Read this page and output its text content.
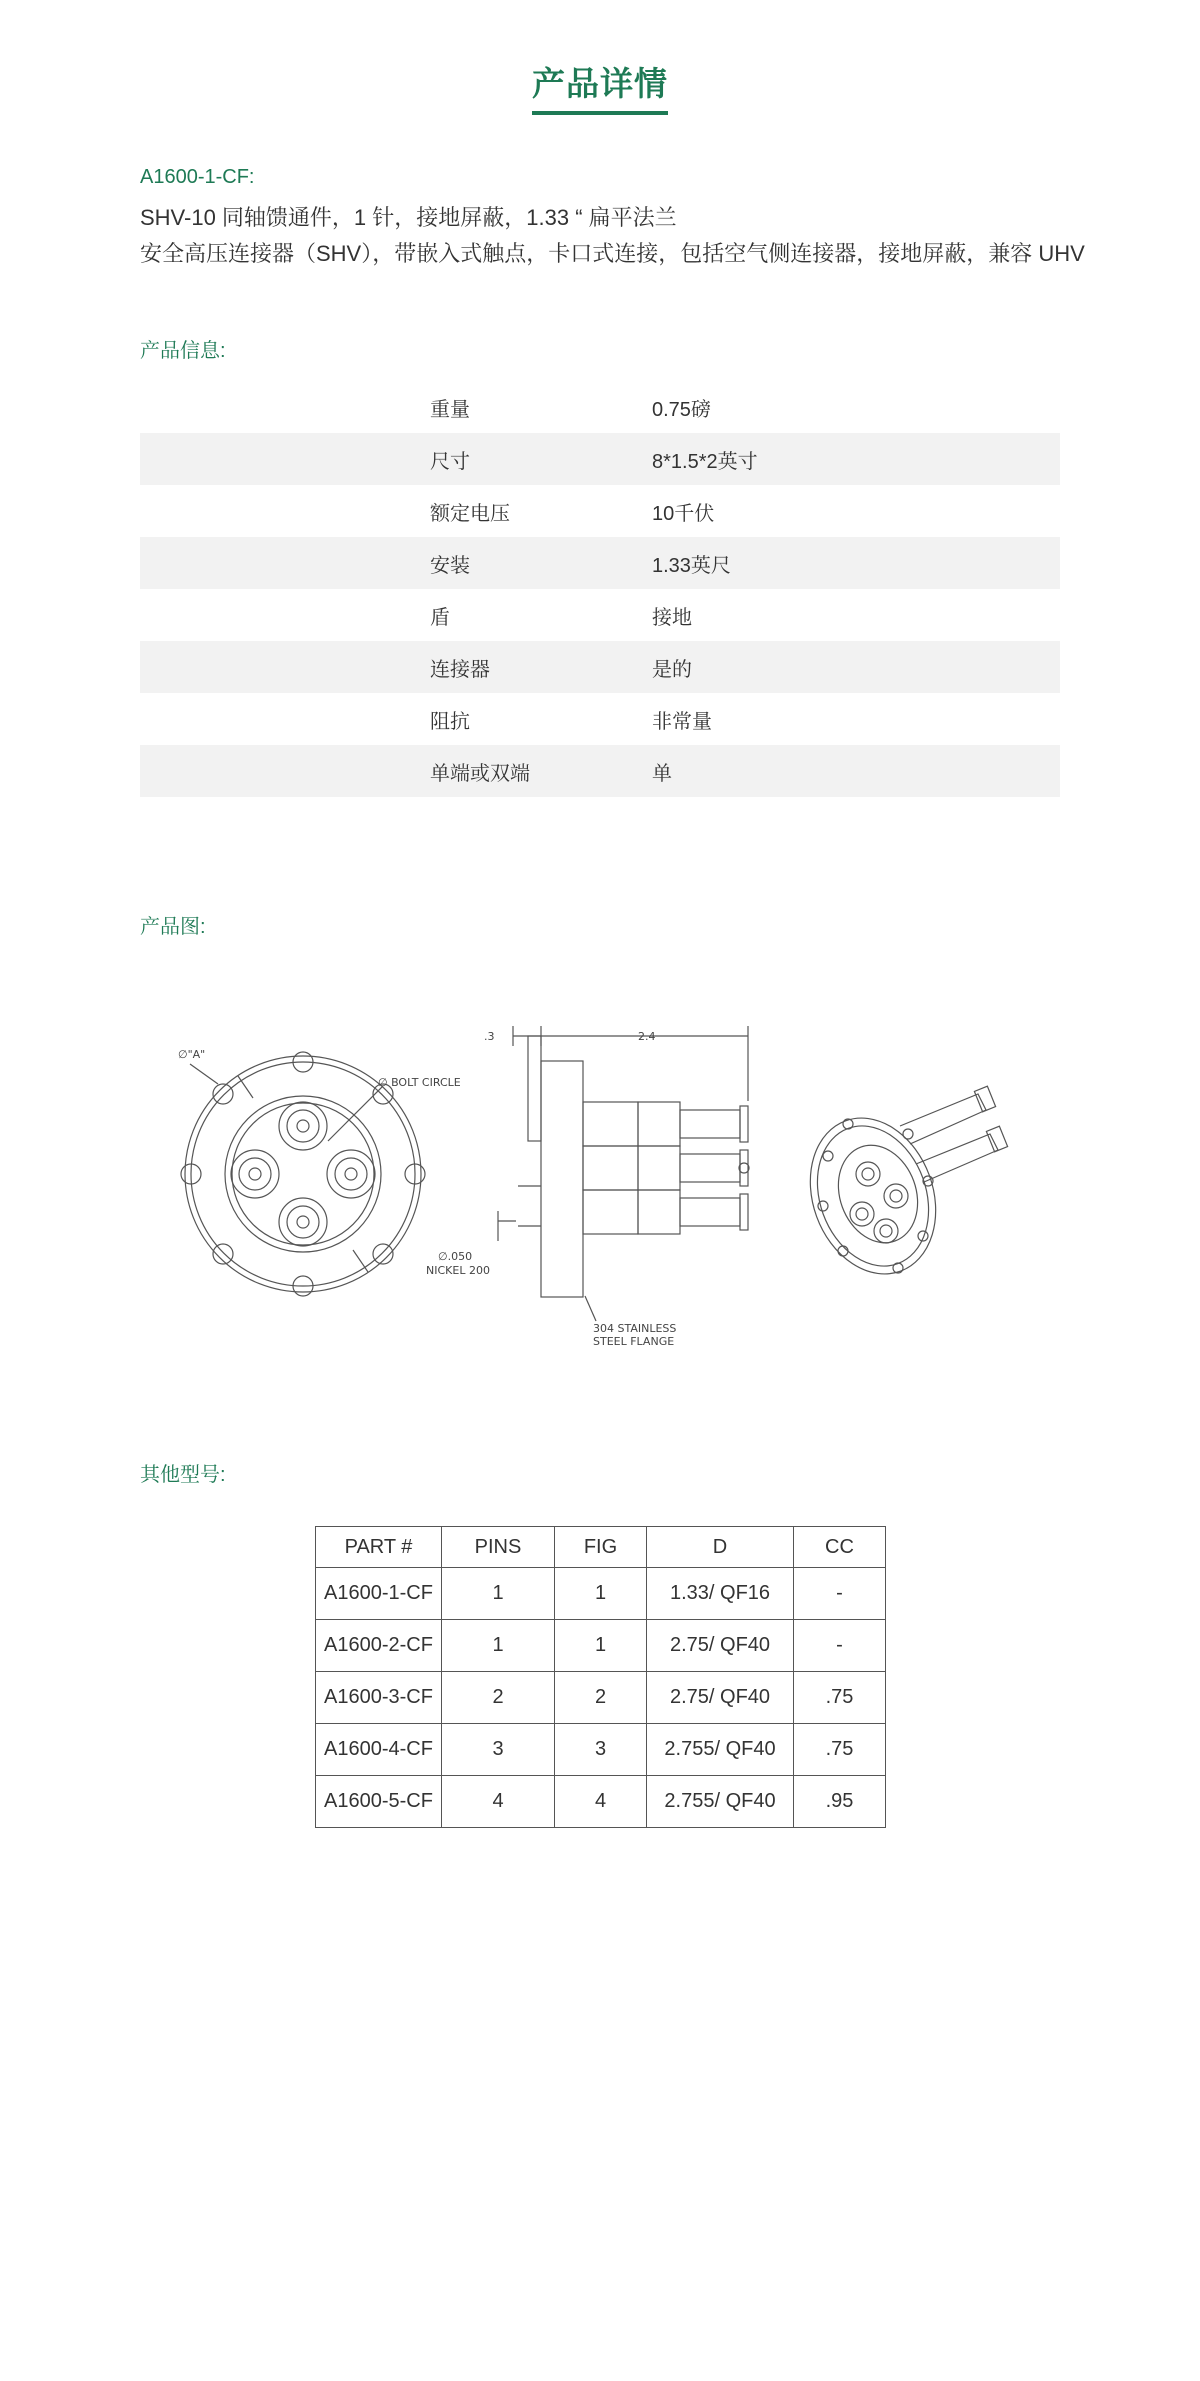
产品详情
A1600-1-CF:
SHV-10 同轴馈通件，1 针，接地屏蔽，1.33 “ 扁平法兰
安全高压连接器（SHV），带嵌入式触点，卡口式连接，包括空气侧连接器，接地屏蔽，兼容 UHV
产品信息:
重量	0.75磅
尺寸	8*1.5*2英寸
额定电压	10千伏
安装	1.33英尺
盾	接地
连接器	是的
阻抗	非常量
单端或双端	单
产品图:
∅"A"
∅ BOLT CIRCLE
.3	2.4
∅.050
NICKEL 200
304 STAINLESS
STEEL FLANGE
其他型号:
PART #	PINS	FIG	D	CC
A1600-1-CF	1	1	1.33/ QF16	-
A1600-2-CF	1	1	2.75/ QF40	-
A1600-3-CF	2	2	2.75/ QF40	.75
A1600-4-CF	3	3	2.755/ QF40	.75
A1600-5-CF	4	4	2.755/ QF40	.95
